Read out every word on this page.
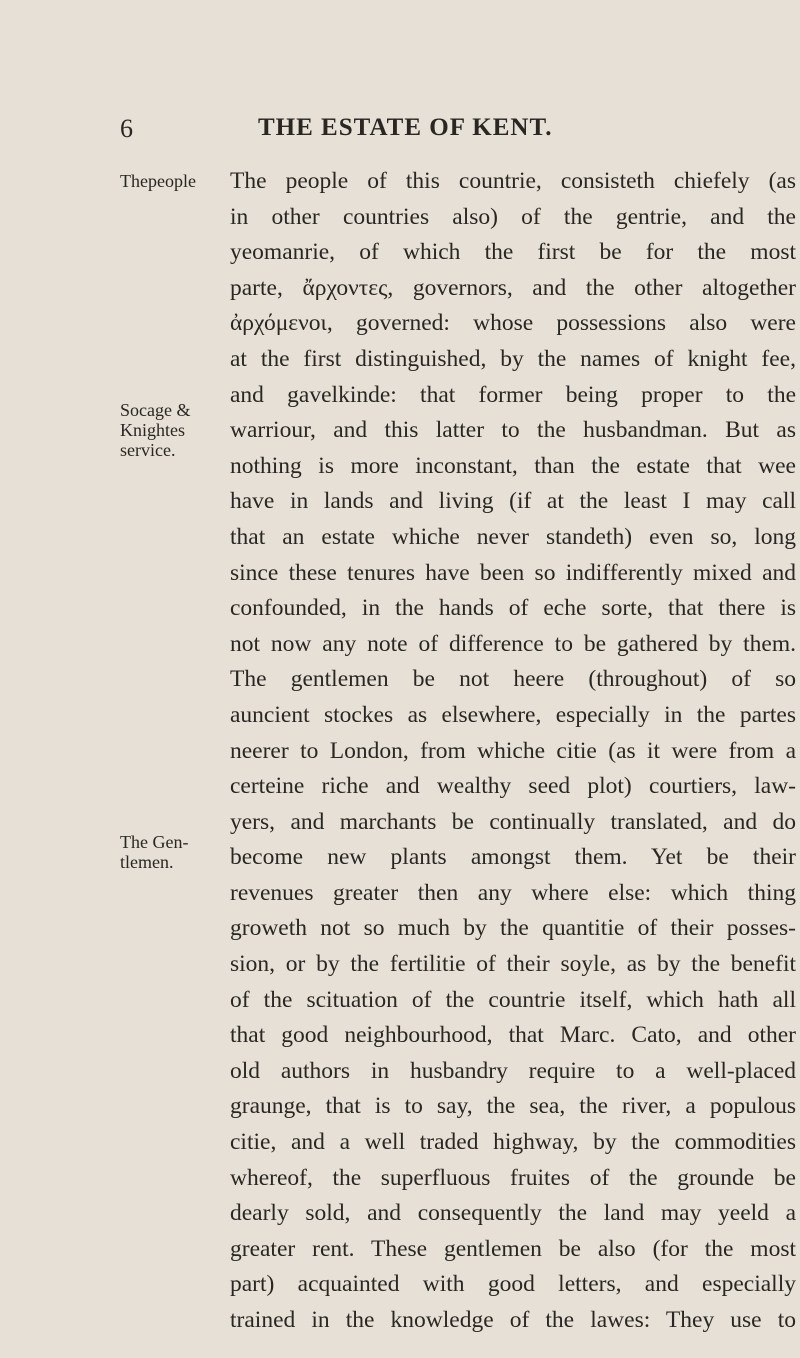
6	THE ESTATE OF KENT.
Thepeople
Socage &
Knightes
service.
The Gen-
tlemen.
The people of this countrie, consisteth chiefely (as
in other countries also) of the gentrie, and the
yeomanrie, of which the first be for the most
parte, ἄρχοντες, governors, and the other altogether
ἀρχόμενοι, governed: whose possessions also were
at the first distinguished, by the names of knight fee,
and gavelkinde: that former being proper to the
warriour, and this latter to the husbandman. But as
nothing is more inconstant, than the estate that wee
have in lands and living (if at the least I may call
that an estate whiche never standeth) even so, long
since these tenures have been so indifferently mixed and
confounded, in the hands of eche sorte, that there is
not now any note of difference to be gathered by them.
The gentlemen be not heere (throughout) of so
auncient stockes as elsewhere, especially in the partes
neerer to London, from whiche citie (as it were from a
certeine riche and wealthy seed plot) courtiers, law-
yers, and marchants be continually translated, and do
become new plants amongst them. Yet be their
revenues greater then any where else: which thing
groweth not so much by the quantitie of their posses-
sion, or by the fertilitie of their soyle, as by the benefit
of the scituation of the countrie itself, which hath all
that good neighbourhood, that Marc. Cato, and other
old authors in husbandry require to a well-placed
graunge, that is to say, the sea, the river, a populous
citie, and a well traded highway, by the commodities
whereof, the superfluous fruites of the grounde be
dearly sold, and consequently the land may yeeld a
greater rent. These gentlemen be also (for the most
part) acquainted with good letters, and especially
trained in the knowledge of the lawes: They use to
